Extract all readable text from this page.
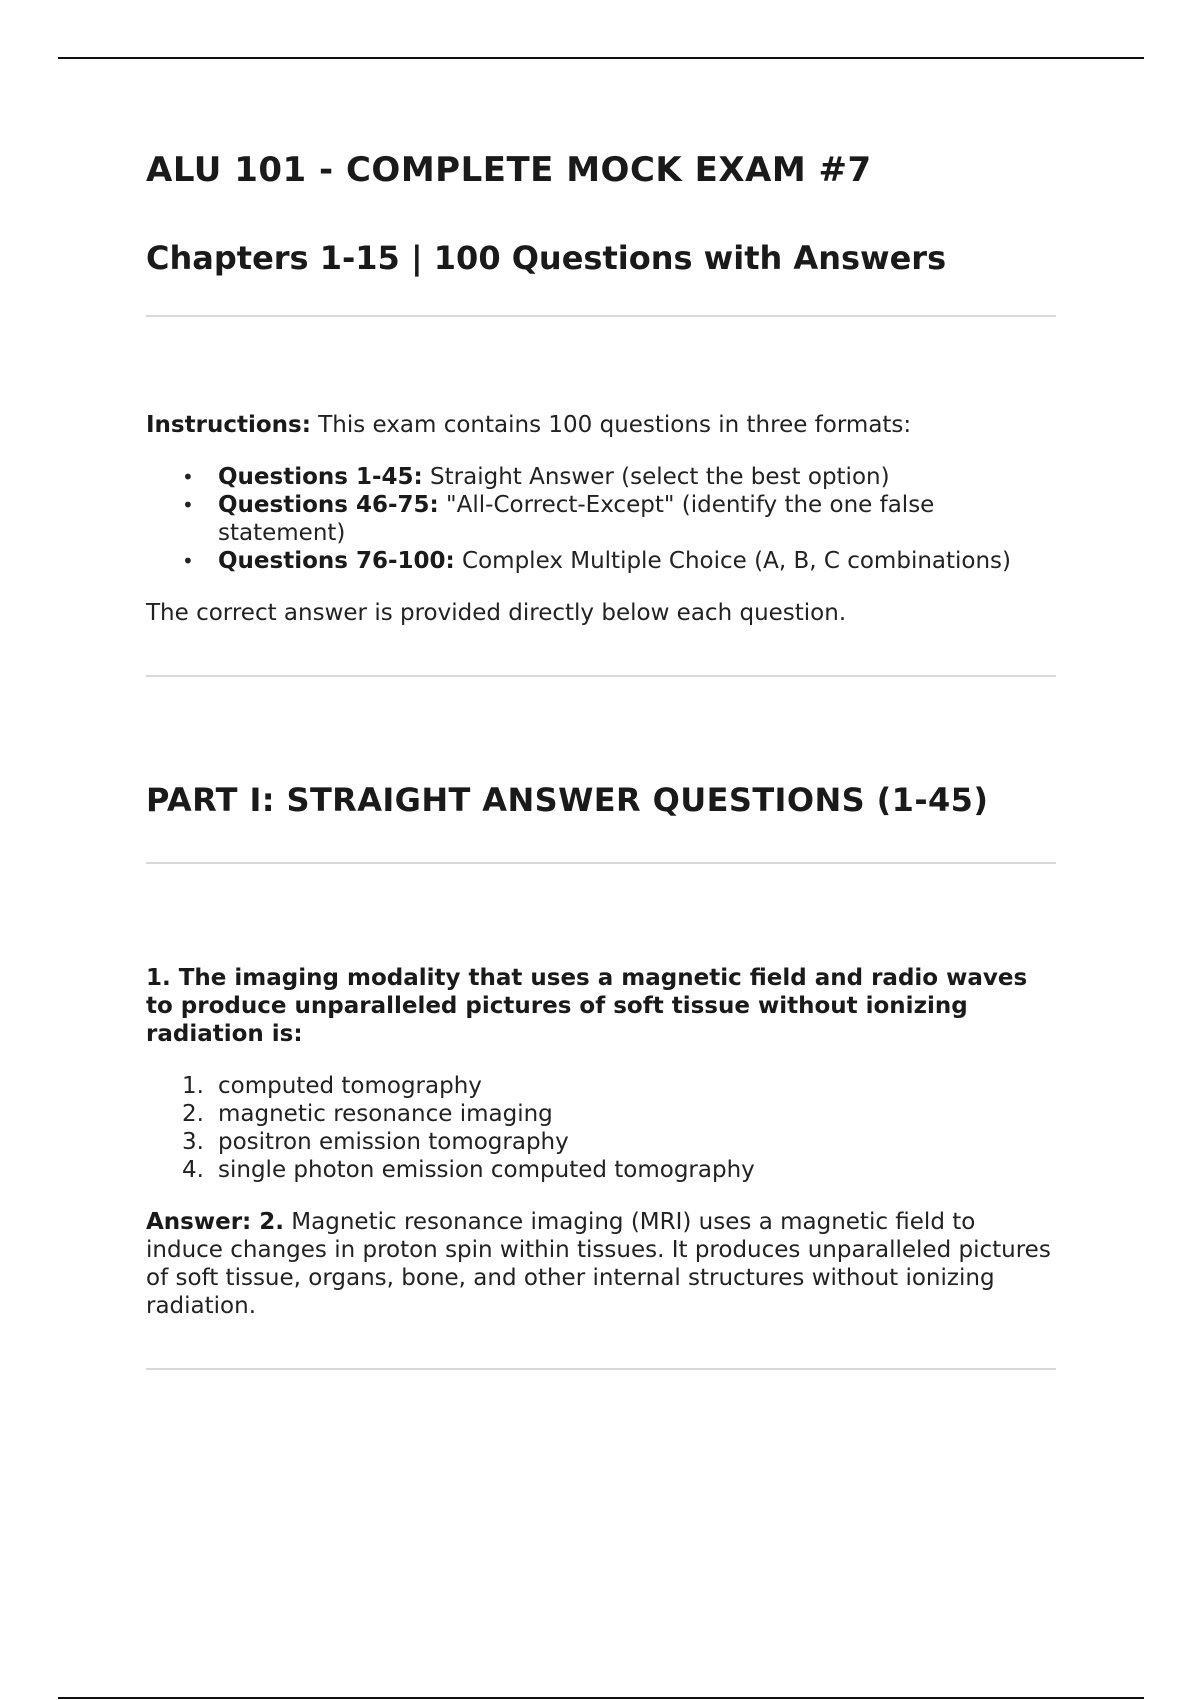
ALU 101 - COMPLETE MOCK EXAM #7
Chapters 1-15 | 100 Questions with Answers

Instructions: This exam contains 100 questions in three formats:

• Questions 1-45: Straight Answer (select the best option)
• Questions 46-75: "All-Correct-Except" (identify the one false statement)
• Questions 76-100: Complex Multiple Choice (A, B, C combinations)

The correct answer is provided directly below each question.

PART I: STRAIGHT ANSWER QUESTIONS (1-45)

1. The imaging modality that uses a magnetic field and radio waves to produce unparalleled pictures of soft tissue without ionizing radiation is:

1. computed tomography
2. magnetic resonance imaging
3. positron emission tomography
4. single photon emission computed tomography

Answer: 2. Magnetic resonance imaging (MRI) uses a magnetic field to induce changes in proton spin within tissues. It produces unparalleled pictures of soft tissue, organs, bone, and other internal structures without ionizing radiation.
